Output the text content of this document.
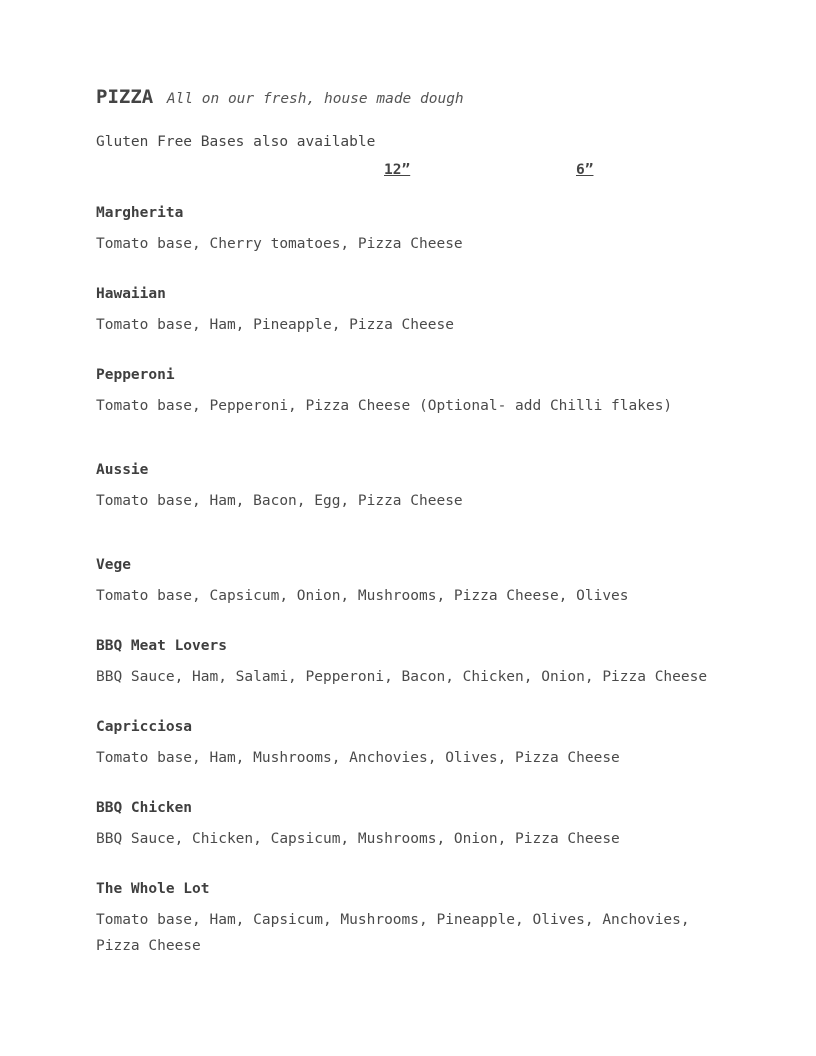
PIZZA All on our fresh, house made dough
Gluten Free Bases also available
12”	6”
Margherita
Tomato base, Cherry tomatoes, Pizza Cheese
Hawaiian
Tomato base, Ham, Pineapple, Pizza Cheese
Pepperoni
Tomato base, Pepperoni, Pizza Cheese (Optional- add Chilli flakes)
Aussie
Tomato base, Ham, Bacon, Egg, Pizza Cheese
Vege
Tomato base, Capsicum, Onion, Mushrooms, Pizza Cheese, Olives
BBQ Meat Lovers
BBQ Sauce, Ham, Salami, Pepperoni, Bacon, Chicken, Onion, Pizza Cheese
Capricciosa
Tomato base, Ham, Mushrooms, Anchovies, Olives, Pizza Cheese
BBQ Chicken
BBQ Sauce, Chicken, Capsicum, Mushrooms, Onion, Pizza Cheese
The Whole Lot
Tomato base, Ham, Capsicum, Mushrooms, Pineapple, Olives, Anchovies,
Pizza Cheese
